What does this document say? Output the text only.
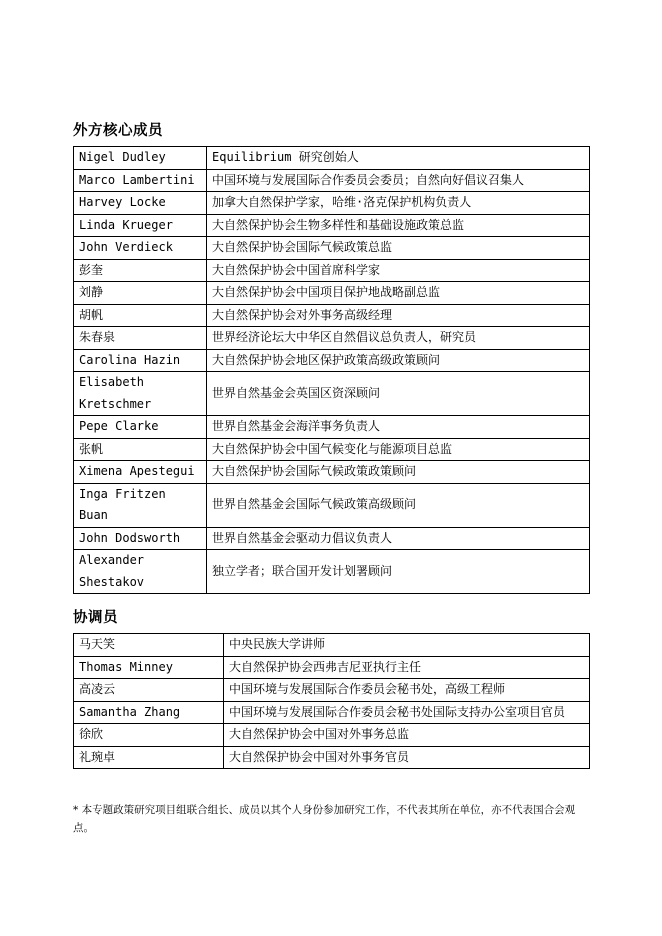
外方核心成员
Nigel Dudley	Equilibrium 研究创始人
Marco Lambertini	中国环境与发展国际合作委员会委员；自然向好倡议召集人
Harvey Locke	加拿大自然保护学家，哈维·洛克保护机构负责人
Linda Krueger	大自然保护协会生物多样性和基础设施政策总监
John Verdieck	大自然保护协会国际气候政策总监
彭奎	大自然保护协会中国首席科学家
刘静	大自然保护协会中国项目保护地战略副总监
胡帆	大自然保护协会对外事务高级经理
朱春泉	世界经济论坛大中华区自然倡议总负责人，研究员
Carolina Hazin	大自然保护协会地区保护政策高级政策顾问
Elisabeth Kretschmer	世界自然基金会英国区资深顾问
Pepe Clarke	世界自然基金会海洋事务负责人
张帆	大自然保护协会中国气候变化与能源项目总监
Ximena Apestegui	大自然保护协会国际气候政策政策顾问
Inga Fritzen Buan	世界自然基金会国际气候政策高级顾问
John Dodsworth	世界自然基金会驱动力倡议负责人
Alexander Shestakov	独立学者；联合国开发计划署顾问
协调员
马天笑	中央民族大学讲师
Thomas Minney	大自然保护协会西弗吉尼亚执行主任
高凌云	中国环境与发展国际合作委员会秘书处，高级工程师
Samantha Zhang	中国环境与发展国际合作委员会秘书处国际支持办公室项目官员
徐欣	大自然保护协会中国对外事务总监
礼琬卓	大自然保护协会中国对外事务官员
* 本专题政策研究项目组联合组长、成员以其个人身份参加研究工作，不代表其所在单位，亦不代表国合会观点。
